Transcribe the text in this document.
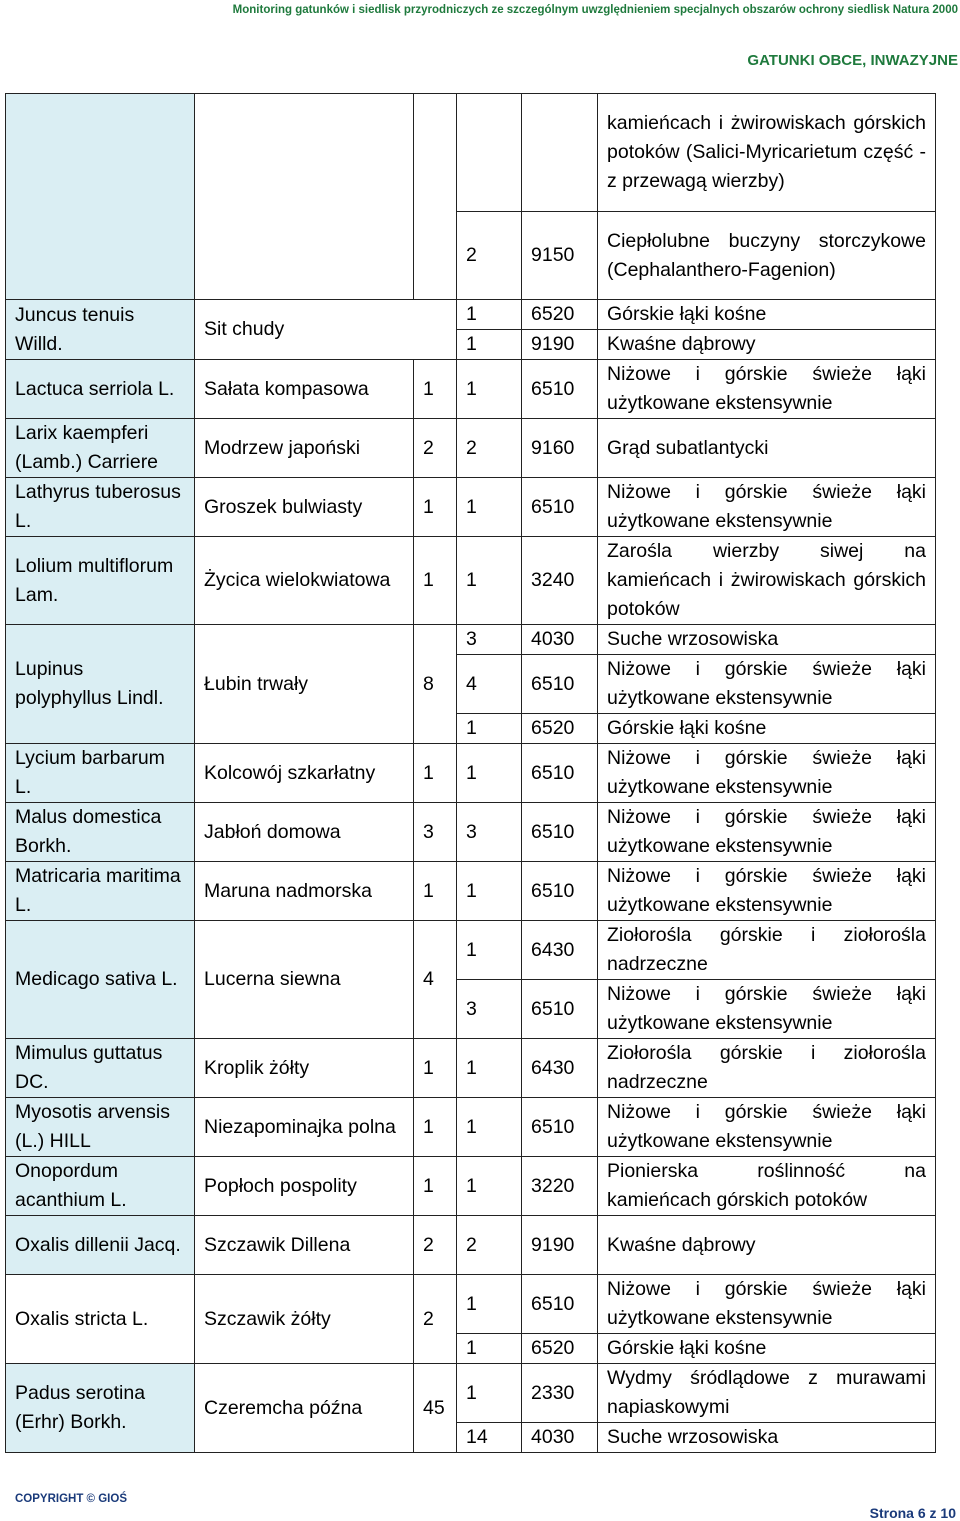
Monitoring gatunków i siedlisk przyrodniczych ze szczególnym uwzględnieniem specjalnych obszarów ochrony siedlisk Natura 2000
GATUNKI OBCE, INWAZYJNE
					kamieńcach i żwirowiskach górskich potoków (Salici-Myricarietum część - z przewagą wierzby)
			2	9150	Ciepłolubne buczyny storczykowe (Cephalanthero-Fagenion)
Juncus tenuis Willd.	Sit chudy		1	6520	Górskie łąki kośne
			1	9190	Kwaśne dąbrowy
Lactuca serriola L.	Sałata kompasowa	1	1	6510	Niżowe i górskie świeże łąki użytkowane ekstensywnie
Larix kaempferi (Lamb.) Carriere	Modrzew japoński	2	2	9160	Grąd subatlantycki
Lathyrus tuberosus L.	Groszek bulwiasty	1	1	6510	Niżowe i górskie świeże łąki użytkowane ekstensywnie
Lolium multiflorum Lam.	Życica wielokwiatowa	1	1	3240	Zarośla wierzby siwej na kamieńcach i żwirowiskach górskich potoków
Lupinus polyphyllus Lindl.	Łubin trwały	8	3	4030	Suche wrzosowiska
			4	6510	Niżowe i górskie świeże łąki użytkowane ekstensywnie
			1	6520	Górskie łąki kośne
Lycium barbarum L.	Kolcowój szkarłatny	1	1	6510	Niżowe i górskie świeże łąki użytkowane ekstensywnie
Malus domestica Borkh.	Jabłoń domowa	3	3	6510	Niżowe i górskie świeże łąki użytkowane ekstensywnie
Matricaria maritima L.	Maruna nadmorska	1	1	6510	Niżowe i górskie świeże łąki użytkowane ekstensywnie
Medicago sativa L.	Lucerna siewna	4	1	6430	Ziołorośla górskie i ziołorośla nadrzeczne
			3	6510	Niżowe i górskie świeże łąki użytkowane ekstensywnie
Mimulus guttatus DC.	Kroplik żółty	1	1	6430	Ziołorośla górskie i ziołorośla nadrzeczne
Myosotis arvensis (L.) HILL	Niezapominajka polna	1	1	6510	Niżowe i górskie świeże łąki użytkowane ekstensywnie
Onopordum acanthium L.	Popłoch pospolity	1	1	3220	Pionierska roślinność na kamieńcach górskich potoków
Oxalis dillenii Jacq.	Szczawik Dillena	2	2	9190	Kwaśne dąbrowy
Oxalis stricta L.	Szczawik żółty	2	1	6510	Niżowe i górskie świeże łąki użytkowane ekstensywnie
			1	6520	Górskie łąki kośne
Padus serotina (Erhr) Borkh.	Czeremcha późna	45	1	2330	Wydmy śródlądowe z murawami napiaskowymi
			14	4030	Suche wrzosowiska
COPYRIGHT © GIOŚ
Strona 6 z 10
